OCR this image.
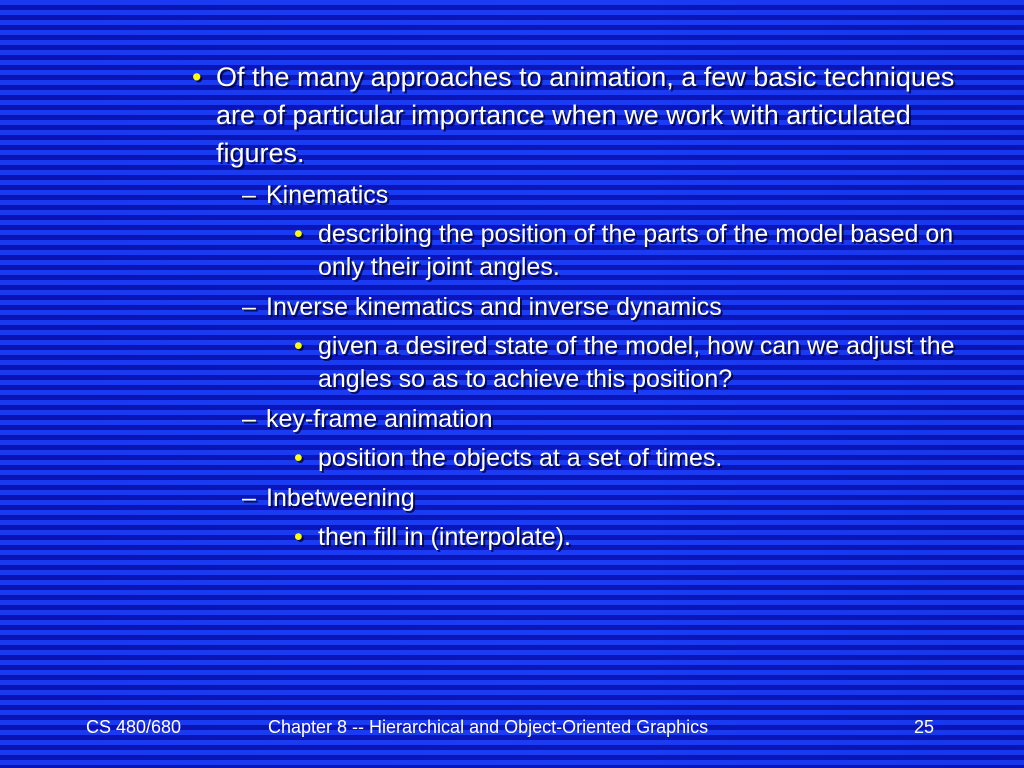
• Of the many approaches to animation, a few basic techniques are of particular importance when we work with articulated figures.
– Kinematics
• describing the position of the parts of the model based on only their joint angles.
– Inverse kinematics and inverse dynamics
• given a desired state of the model, how can we adjust the angles so as to achieve this position?
– key-frame animation
• position the objects at a set of times.
– Inbetweening
• then fill in (interpolate).
CS 480/680	Chapter 8 -- Hierarchical and Object-Oriented Graphics	25
